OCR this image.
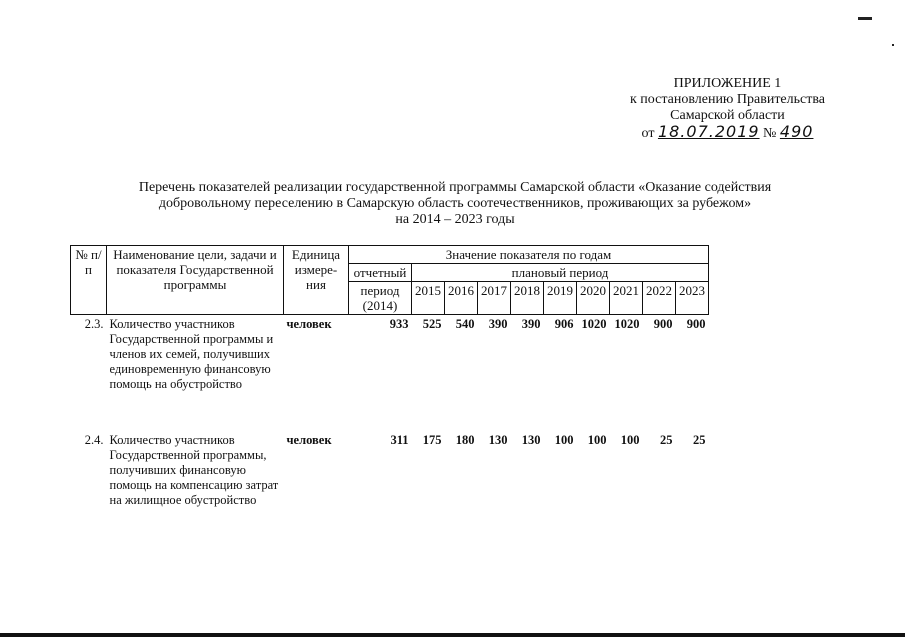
ПРИЛОЖЕНИЕ 1
к постановлению Правительства
Самарской области
от 18.07.2019 № 490
Перечень показателей реализации государственной программы Самарской области «Оказание содействия
добровольному переселению в Самарскую область соотечественников, проживающих за рубежом»
на 2014 – 2023 годы
№ п/п	Наименование цели, задачи и показателя Государственной программы	Единица измере-ния	Значение показателя по годам									
			отчетный	плановый период								
			период (2014)	2015	2016	2017	2018	2019	2020	2021	2022	2023
2.3.	Количество участников Государственной программы и членов их семей, получивших единовременную финансовую помощь на обустройство	человек	933	525	540	390	390	906	1020	1020	900	900
2.4.	Количество участников Государственной программы, получивших финансовую помощь на компенсацию затрат на жилищное обустройство	человек	311	175	180	130	130	100	100	100	25	25
